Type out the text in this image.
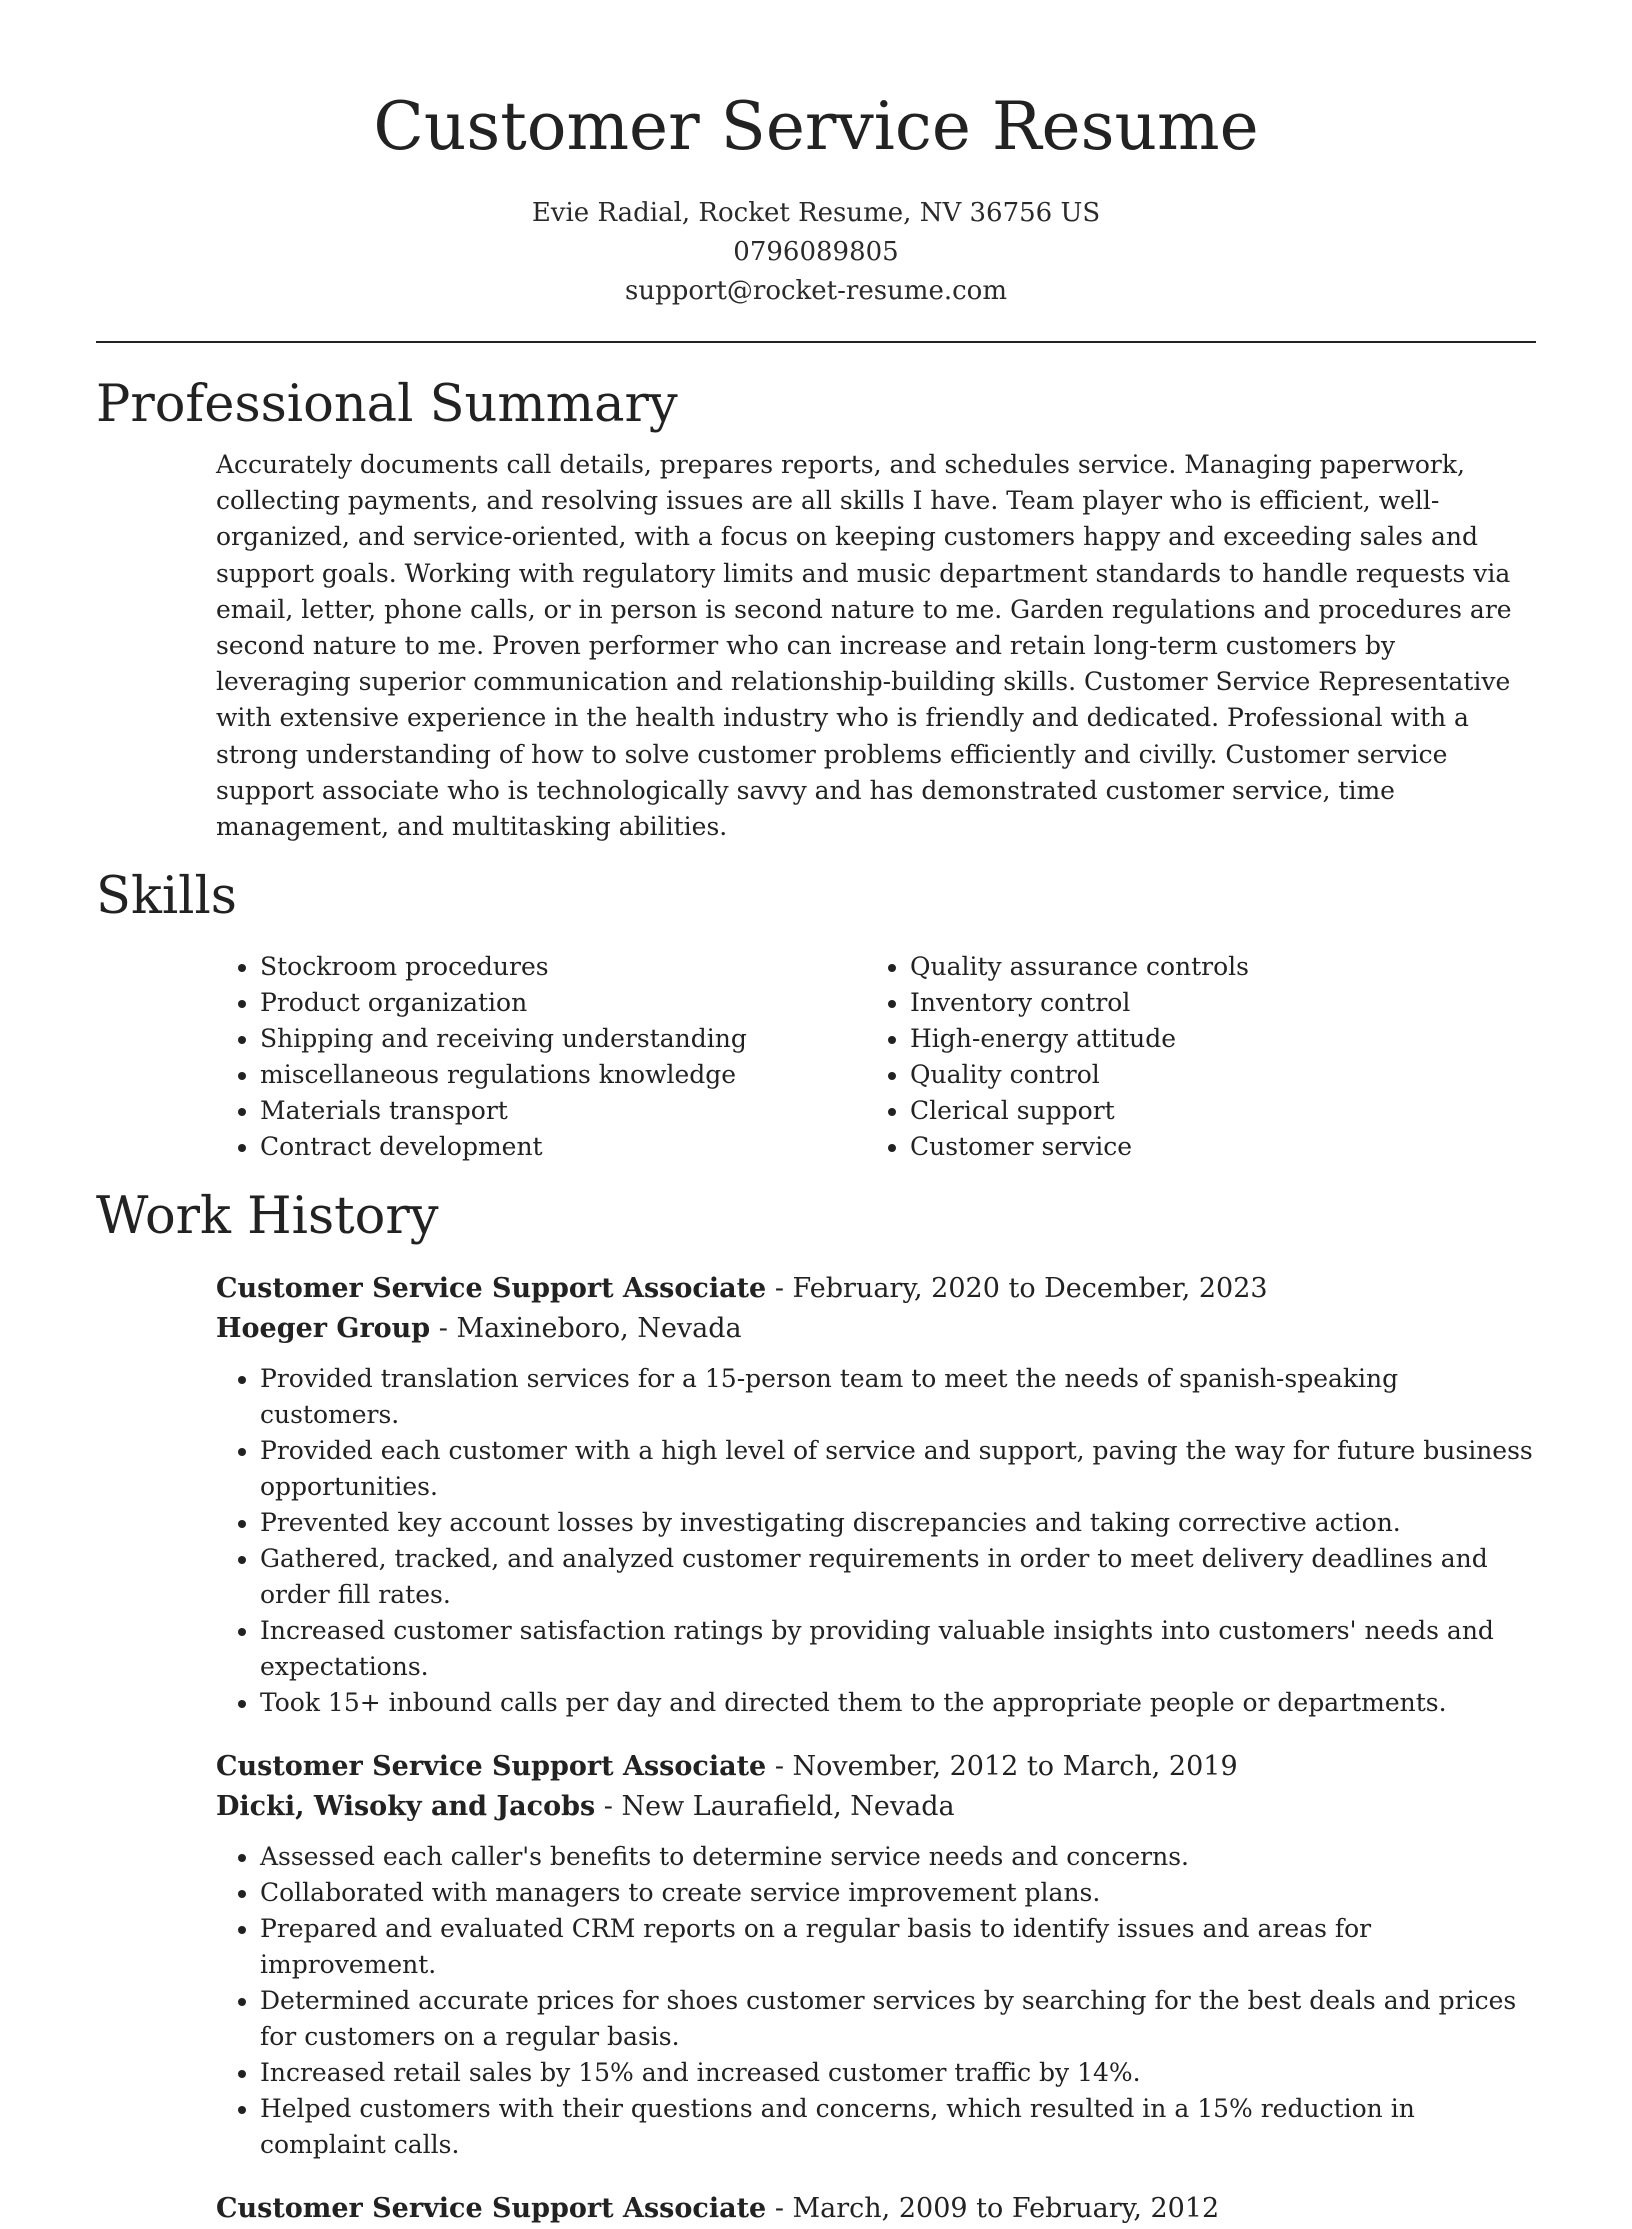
Customer Service Resume
Evie Radial, Rocket Resume, NV 36756 US
0796089805
support@rocket-resume.com
Professional Summary

Accurately documents call details, prepares reports, and schedules service. Managing paperwork, collecting payments, and resolving issues are all skills I have. Team player who is efficient, well-organized, and service-oriented, with a focus on keeping customers happy and exceeding sales and support goals. Working with regulatory limits and music department standards to handle requests via email, letter, phone calls, or in person is second nature to me. Garden regulations and procedures are second nature to me. Proven performer who can increase and retain long-term customers by leveraging superior communication and relationship-building skills. Customer Service Representative with extensive experience in the health industry who is friendly and dedicated. Professional with a strong understanding of how to solve customer problems efficiently and civilly. Customer service support associate who is technologically savvy and has demonstrated customer service, time management, and multitasking abilities.

Skills
• Stockroom procedures
• Product organization
• Shipping and receiving understanding
• miscellaneous regulations knowledge
• Materials transport
• Contract development
• Quality assurance controls
• Inventory control
• High-energy attitude
• Quality control
• Clerical support
• Customer service
Work History

Customer Service Support Associate - February, 2020 to December, 2023

Hoeger Group - Maxineboro, Nevada

• Provided translation services for a 15-person team to meet the needs of spanish-speaking customers.
• Provided each customer with a high level of service and support, paving the way for future business opportunities.
• Prevented key account losses by investigating discrepancies and taking corrective action.
• Gathered, tracked, and analyzed customer requirements in order to meet delivery deadlines and order fill rates.
• Increased customer satisfaction ratings by providing valuable insights into customers' needs and expectations.
• Took 15+ inbound calls per day and directed them to the appropriate people or departments.

Customer Service Support Associate - November, 2012 to March, 2019

Dicki, Wisoky and Jacobs - New Laurafield, Nevada

• Assessed each caller's benefits to determine service needs and concerns.
• Collaborated with managers to create service improvement plans.
• Prepared and evaluated CRM reports on a regular basis to identify issues and areas for improvement.
• Determined accurate prices for shoes customer services by searching for the best deals and prices for customers on a regular basis.
• Increased retail sales by 15% and increased customer traffic by 14%.
• Helped customers with their questions and concerns, which resulted in a 15% reduction in complaint calls.

Customer Service Support Associate - March, 2009 to February, 2012
